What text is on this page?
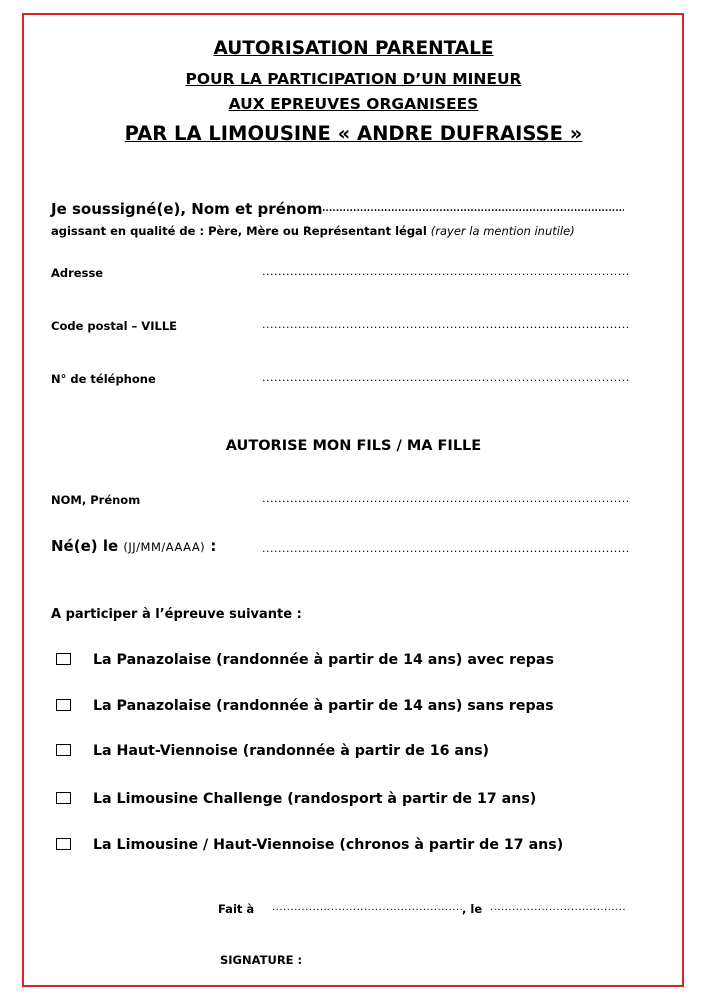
AUTORISATION PARENTALE
POUR LA PARTICIPATION D’UN MINEUR
AUX EPREUVES ORGANISEES
PAR LA LIMOUSINE « ANDRE DUFRAISSE »
Je soussigné(e), Nom et prénom
.....
agissant en qualité de : Père, Mère ou Représentant légal (rayer la mention inutile)
Adresse
.....
Code postal – VILLE
.....
N° de téléphone
.....
AUTORISE MON FILS / MA FILLE
NOM, Prénom
.....
Né(e) le (JJ/MM/AAAA) :
.....
A participer à l’épreuve suivante :
La Panazolaise (randonnée à partir de 14 ans) avec repas
La Panazolaise (randonnée à partir de 14 ans) sans repas
La Haut-Viennoise (randonnée à partir de 16 ans)
La Limousine Challenge (randosport à partir de 17 ans)
La Limousine / Haut-Viennoise (chronos à partir de 17 ans)
Fait à
.....	, le
.....
SIGNATURE :
